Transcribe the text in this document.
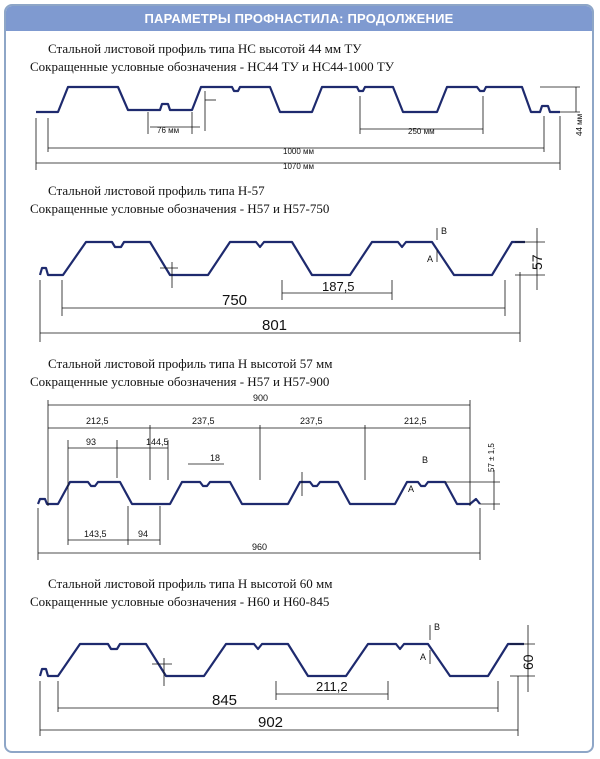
ПАРАМЕТРЫ ПРОФНАСТИЛА: ПРОДОЛЖЕНИЕ
Стальной листовой профиль типа НС высотой 44 мм ТУ
Сокращенные условные обозначения - НС44 ТУ и НС44-1000 ТУ
76 мм	250 мм
1000 мм
1070 мм
44 мм
Стальной листовой профиль типа Н-57
Сокращенные условные обозначения - Н57 и Н57-750
750
187,5
801
57
B
A
Стальной листовой профиль типа Н высотой 57 мм
Сокращенные условные обозначения - Н57 и Н57-900
900
212,5	237,5	237,5	212,5
93	144,5
18
143,5	94
960
57 ± 1,5
B
A
Стальной листовой профиль типа Н высотой 60 мм
Сокращенные условные обозначения - Н60 и Н60-845
845
211,2
902
60
B
A
